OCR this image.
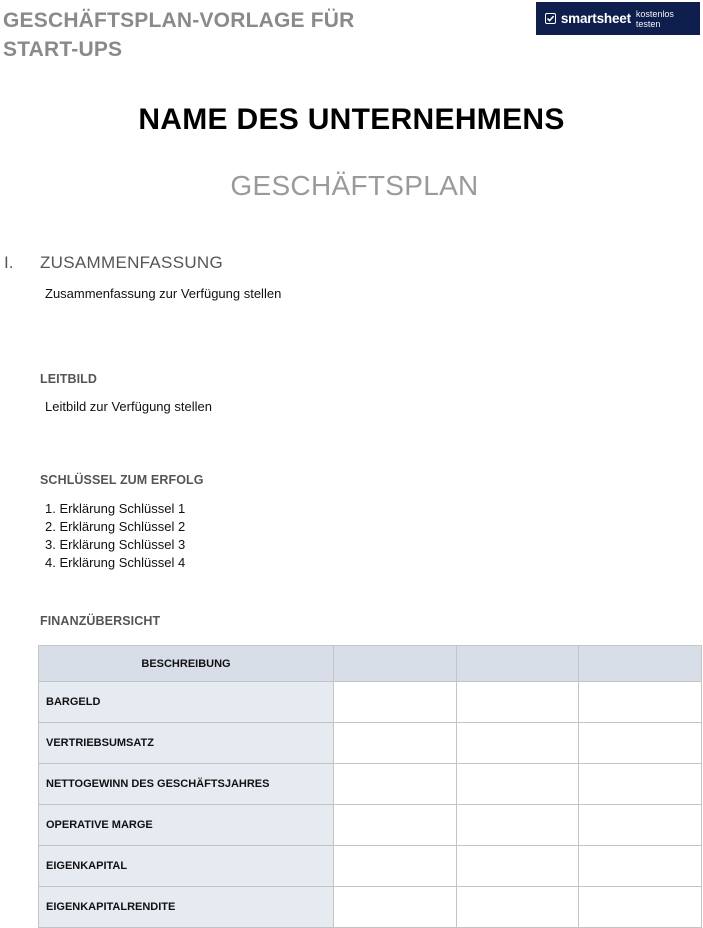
GESCHÄFTSPLAN-VORLAGE FÜR
START-UPS
smartsheet kostenlos testen
NAME DES UNTERNEHMENS
GESCHÄFTSPLAN
I. ZUSAMMENFASSUNG
Zusammenfassung zur Verfügung stellen
LEITBILD
Leitbild zur Verfügung stellen
SCHLÜSSEL ZUM ERFOLG
1. Erklärung Schlüssel 1
2. Erklärung Schlüssel 2
3. Erklärung Schlüssel 3
4. Erklärung Schlüssel 4
FINANZÜBERSICHT
BESCHREIBUNG			
BARGELD			
VERTRIEBSUMSATZ			
NETTOGEWINN DES GESCHÄFTSJAHRES			
OPERATIVE MARGE			
EIGENKAPITAL			
EIGENKAPITALRENDITE			
